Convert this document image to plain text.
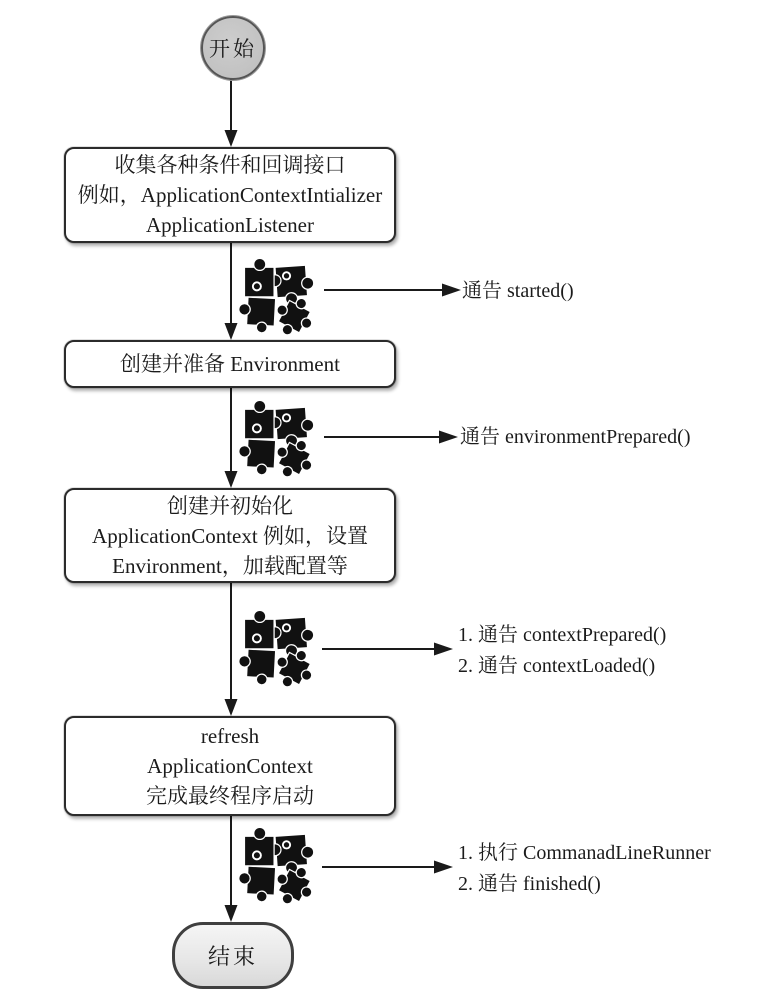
开始
收集各种条件和回调接口
例如，ApplicationContextIntializer
ApplicationListener
通告 started()
创建并准备 Environment
通告 environmentPrepared()
创建并初始化
ApplicationContext 例如，设置
Environment，加载配置等
1. 通告 contextPrepared()
2. 通告 contextLoaded()
refresh
ApplicationContext
完成最终程序启动
1. 执行 CommanadLineRunner
2. 通告 finished()
结束
